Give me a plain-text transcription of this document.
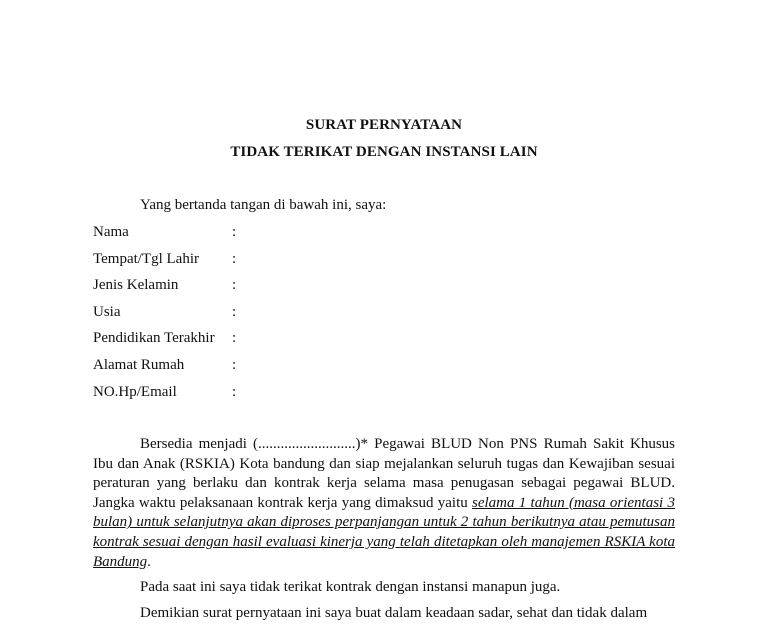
SURAT PERNYATAAN
TIDAK TERIKAT DENGAN INSTANSI LAIN
Yang bertanda tangan di bawah ini, saya:
Nama	:
Tempat/Tgl Lahir :
Jenis Kelamin	:
Usia	:
Pendidikan Terakhir :
Alamat Rumah	:
NO.Hp/Email	:
Bersedia menjadi (..........................)* Pegawai BLUD Non PNS Rumah Sakit Khusus Ibu dan Anak (RSKIA) Kota bandung dan siap mejalankan seluruh tugas dan Kewajiban sesuai peraturan yang berlaku dan kontrak kerja selama masa penugasan sebagai pegawai BLUD. Jangka waktu pelaksanaan kontrak kerja yang dimaksud yaitu selama 1 tahun (masa orientasi 3 bulan) untuk selanjutnya akan diproses perpanjangan untuk 2 tahun berikutnya atau pemutusan kontrak sesuai dengan hasil evaluasi kinerja yang telah ditetapkan oleh manajemen RSKIA kota Bandung.
Pada saat ini saya tidak terikat kontrak dengan instansi manapun juga.
Demikian surat pernyataan ini saya buat dalam keadaan sadar, sehat dan tidak dalam
